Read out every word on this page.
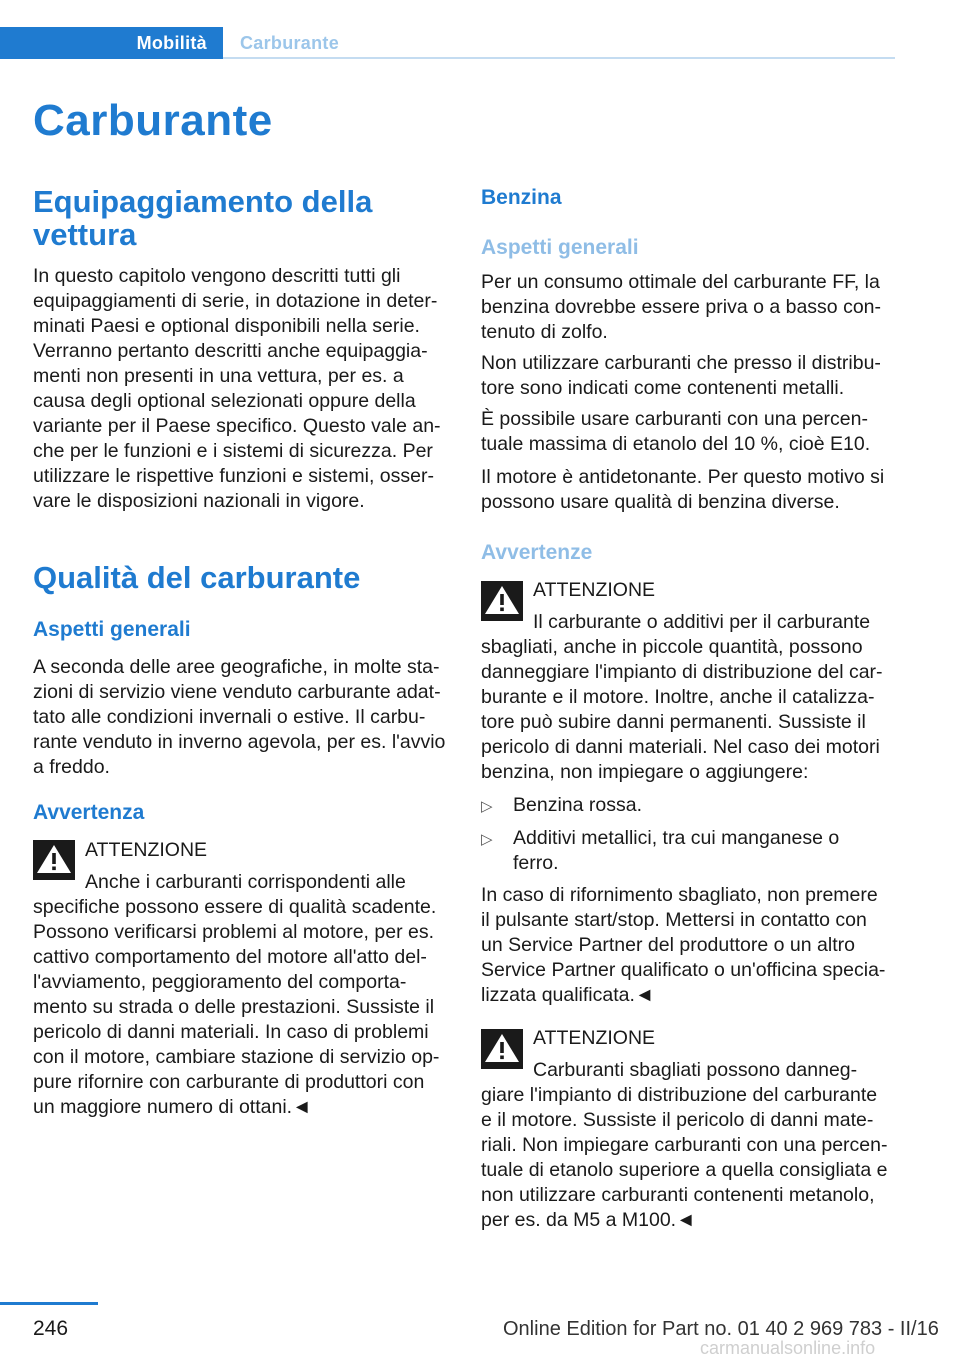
Mobilità Carburante
Carburante
Equipaggiamento della vettura

In questo capitolo vengono descritti tutti gli

equipaggiamenti di serie, in dotazione in deter‐

minati Paesi e optional disponibili nella serie.

Verranno pertanto descritti anche equipaggia‐

menti non presenti in una vettura, per es. a

causa degli optional selezionati oppure della

variante per il Paese specifico. Questo vale an‐

che per le funzioni e i sistemi di sicurezza. Per

utilizzare le rispettive funzioni e sistemi, osser‐

vare le disposizioni nazionali in vigore.

Qualità del carburante
Aspetti generali

A seconda delle aree geografiche, in molte sta‐

zioni di servizio viene venduto carburante adat‐

tato alle condizioni invernali o estive. Il carbu‐

rante venduto in inverno agevola, per es. l'avvio

a freddo.

Avvertenza

ATTENZIONE

Anche i carburanti corrispondenti alle

specifiche possono essere di qualità scadente.

Possono verificarsi problemi al motore, per es.

cattivo comportamento del motore all'atto del‐

l'avviamento, peggioramento del comporta‐

mento su strada o delle prestazioni. Sussiste il

pericolo di danni materiali. In caso di problemi

con il motore, cambiare stazione di servizio op‐

pure rifornire con carburante di produttori con

un maggiore numero di ottani.◄

Benzina
Aspetti generali

Per un consumo ottimale del carburante FF, la

benzina dovrebbe essere priva o a basso con‐

tenuto di zolfo.

Non utilizzare carburanti che presso il distribu‐

tore sono indicati come contenenti metalli.

È possibile usare carburanti con una percen‐

tuale massima di etanolo del 10 %, cioè E10.

Il motore è antidetonante. Per questo motivo si

possono usare qualità di benzina diverse.

Avvertenze

ATTENZIONE

Il carburante o additivi per il carburante

sbagliati, anche in piccole quantità, possono

danneggiare l'impianto di distribuzione del car‐

burante e il motore. Inoltre, anche il catalizza‐

tore può subire danni permanenti. Sussiste il

pericolo di danni materiali. Nel caso dei motori

benzina, non impiegare o aggiungere:

▷ Benzina rossa.

▷ Additivi metallici, tra cui manganese o

ferro.

In caso di rifornimento sbagliato, non premere

il pulsante start/stop. Mettersi in contatto con

un Service Partner del produttore o un altro

Service Partner qualificato o un'officina specia‐

lizzata qualificata.◄

ATTENZIONE

Carburanti sbagliati possono danneg‐

giare l'impianto di distribuzione del carburante

e il motore. Sussiste il pericolo di danni mate‐

riali. Non impiegare carburanti con una percen‐

tuale di etanolo superiore a quella consigliata e

non utilizzare carburanti contenenti metanolo,

per es. da M5 a M100.◄

246	Online Edition for Part no. 01 40 2 969 783 - II/16
carmanualsonline.info
